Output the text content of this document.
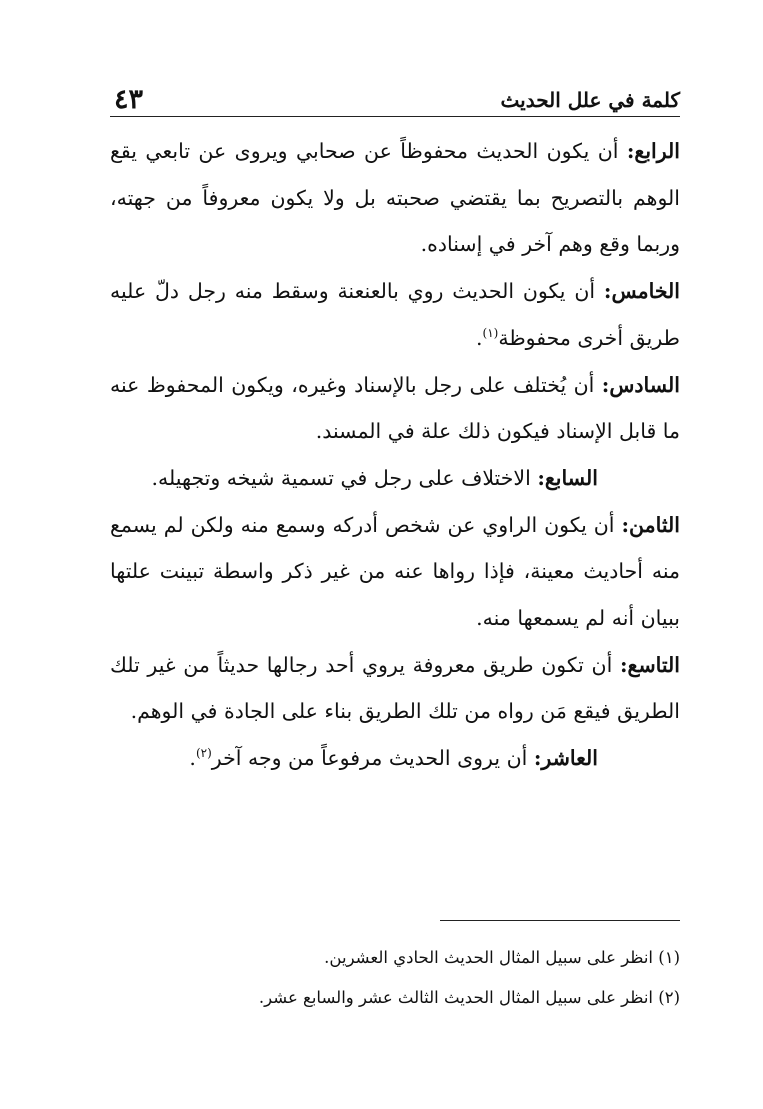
٤٣	كلمة في علل الحديث

الرابع: أن يكون الحديث محفوظاً عن صحابي ويروى عن تابعي يقع الوهم بالتصريح بما يقتضي صحبته بل ولا يكون معروفاً من جهته، وربما وقع وهم آخر في إسناده.

الخامس: أن يكون الحديث روي بالعنعنة وسقط منه رجل دلّ عليه طريق أخرى محفوظة$^{(١)}$.

السادس: أن يُختلف على رجل بالإسناد وغيره، ويكون المحفوظ عنه ما قابل الإسناد فيكون ذلك علة في المسند.

السابع: الاختلاف على رجل في تسمية شيخه وتجهيله.

الثامن: أن يكون الراوي عن شخص أدركه وسمع منه ولكن لم يسمع منه أحاديث معينة، فإذا رواها عنه من غير ذكر واسطة تبينت علتها ببيان أنه لم يسمعها منه.

التاسع: أن تكون طريق معروفة يروي أحد رجالها حديثاً من غير تلك الطريق فيقع مَن رواه من تلك الطريق بناء على الجادة في الوهم.

العاشر: أن يروى الحديث مرفوعاً من وجه آخر$^{(٢)}$.

(١) انظر على سبيل المثال الحديث الحادي العشرين.

(٢) انظر على سبيل المثال الحديث الثالث عشر والسابع عشر.
